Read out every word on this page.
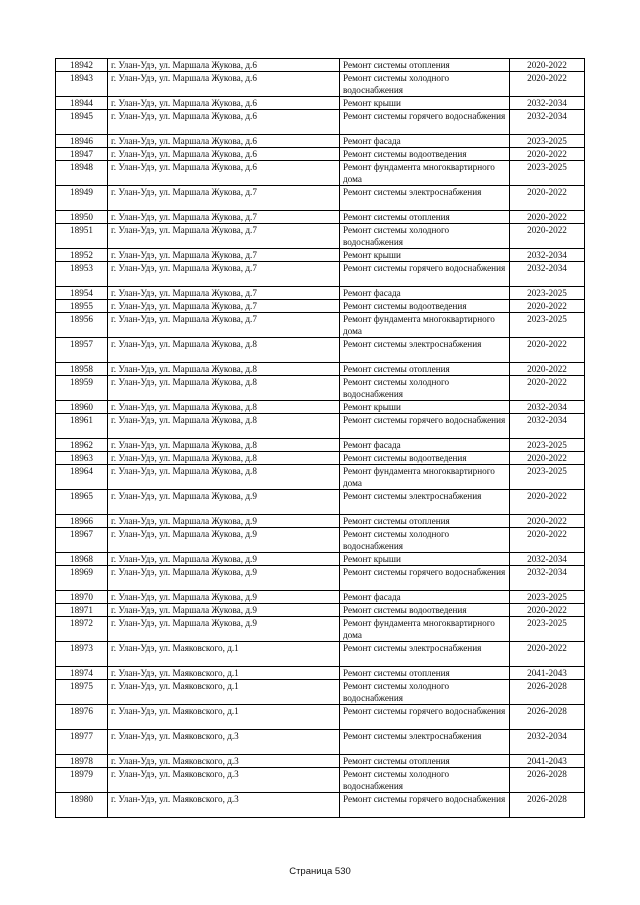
18942	г. Улан-Удэ, ул. Маршала Жукова, д.6	Ремонт системы отопления	2020-2022
18943	г. Улан-Удэ, ул. Маршала Жукова, д.6	Ремонт системы холодного водоснабжения	2020-2022
18944	г. Улан-Удэ, ул. Маршала Жукова, д.6	Ремонт крыши	2032-2034
18945	г. Улан-Удэ, ул. Маршала Жукова, д.6	Ремонт системы горячего водоснабжения	2032-2034
18946	г. Улан-Удэ, ул. Маршала Жукова, д.6	Ремонт фасада	2023-2025
18947	г. Улан-Удэ, ул. Маршала Жукова, д.6	Ремонт системы водоотведения	2020-2022
18948	г. Улан-Удэ, ул. Маршала Жукова, д.6	Ремонт фундамента многоквартирного дома	2023-2025
18949	г. Улан-Удэ, ул. Маршала Жукова, д.7	Ремонт системы электроснабжения	2020-2022
18950	г. Улан-Удэ, ул. Маршала Жукова, д.7	Ремонт системы отопления	2020-2022
18951	г. Улан-Удэ, ул. Маршала Жукова, д.7	Ремонт системы холодного водоснабжения	2020-2022
18952	г. Улан-Удэ, ул. Маршала Жукова, д.7	Ремонт крыши	2032-2034
18953	г. Улан-Удэ, ул. Маршала Жукова, д.7	Ремонт системы горячего водоснабжения	2032-2034
18954	г. Улан-Удэ, ул. Маршала Жукова, д.7	Ремонт фасада	2023-2025
18955	г. Улан-Удэ, ул. Маршала Жукова, д.7	Ремонт системы водоотведения	2020-2022
18956	г. Улан-Удэ, ул. Маршала Жукова, д.7	Ремонт фундамента многоквартирного дома	2023-2025
18957	г. Улан-Удэ, ул. Маршала Жукова, д.8	Ремонт системы электроснабжения	2020-2022
18958	г. Улан-Удэ, ул. Маршала Жукова, д.8	Ремонт системы отопления	2020-2022
18959	г. Улан-Удэ, ул. Маршала Жукова, д.8	Ремонт системы холодного водоснабжения	2020-2022
18960	г. Улан-Удэ, ул. Маршала Жукова, д.8	Ремонт крыши	2032-2034
18961	г. Улан-Удэ, ул. Маршала Жукова, д.8	Ремонт системы горячего водоснабжения	2032-2034
18962	г. Улан-Удэ, ул. Маршала Жукова, д.8	Ремонт фасада	2023-2025
18963	г. Улан-Удэ, ул. Маршала Жукова, д.8	Ремонт системы водоотведения	2020-2022
18964	г. Улан-Удэ, ул. Маршала Жукова, д.8	Ремонт фундамента многоквартирного дома	2023-2025
18965	г. Улан-Удэ, ул. Маршала Жукова, д.9	Ремонт системы электроснабжения	2020-2022
18966	г. Улан-Удэ, ул. Маршала Жукова, д.9	Ремонт системы отопления	2020-2022
18967	г. Улан-Удэ, ул. Маршала Жукова, д.9	Ремонт системы холодного водоснабжения	2020-2022
18968	г. Улан-Удэ, ул. Маршала Жукова, д.9	Ремонт крыши	2032-2034
18969	г. Улан-Удэ, ул. Маршала Жукова, д.9	Ремонт системы горячего водоснабжения	2032-2034
18970	г. Улан-Удэ, ул. Маршала Жукова, д.9	Ремонт фасада	2023-2025
18971	г. Улан-Удэ, ул. Маршала Жукова, д.9	Ремонт системы водоотведения	2020-2022
18972	г. Улан-Удэ, ул. Маршала Жукова, д.9	Ремонт фундамента многоквартирного дома	2023-2025
18973	г. Улан-Удэ, ул. Маяковского, д.1	Ремонт системы электроснабжения	2020-2022
18974	г. Улан-Удэ, ул. Маяковского, д.1	Ремонт системы отопления	2041-2043
18975	г. Улан-Удэ, ул. Маяковского, д.1	Ремонт системы холодного водоснабжения	2026-2028
18976	г. Улан-Удэ, ул. Маяковского, д.1	Ремонт системы горячего водоснабжения	2026-2028
18977	г. Улан-Удэ, ул. Маяковского, д.3	Ремонт системы электроснабжения	2032-2034
18978	г. Улан-Удэ, ул. Маяковского, д.3	Ремонт системы отопления	2041-2043
18979	г. Улан-Удэ, ул. Маяковского, д.3	Ремонт системы холодного водоснабжения	2026-2028
18980	г. Улан-Удэ, ул. Маяковского, д.3	Ремонт системы горячего водоснабжения	2026-2028
Страница 530
